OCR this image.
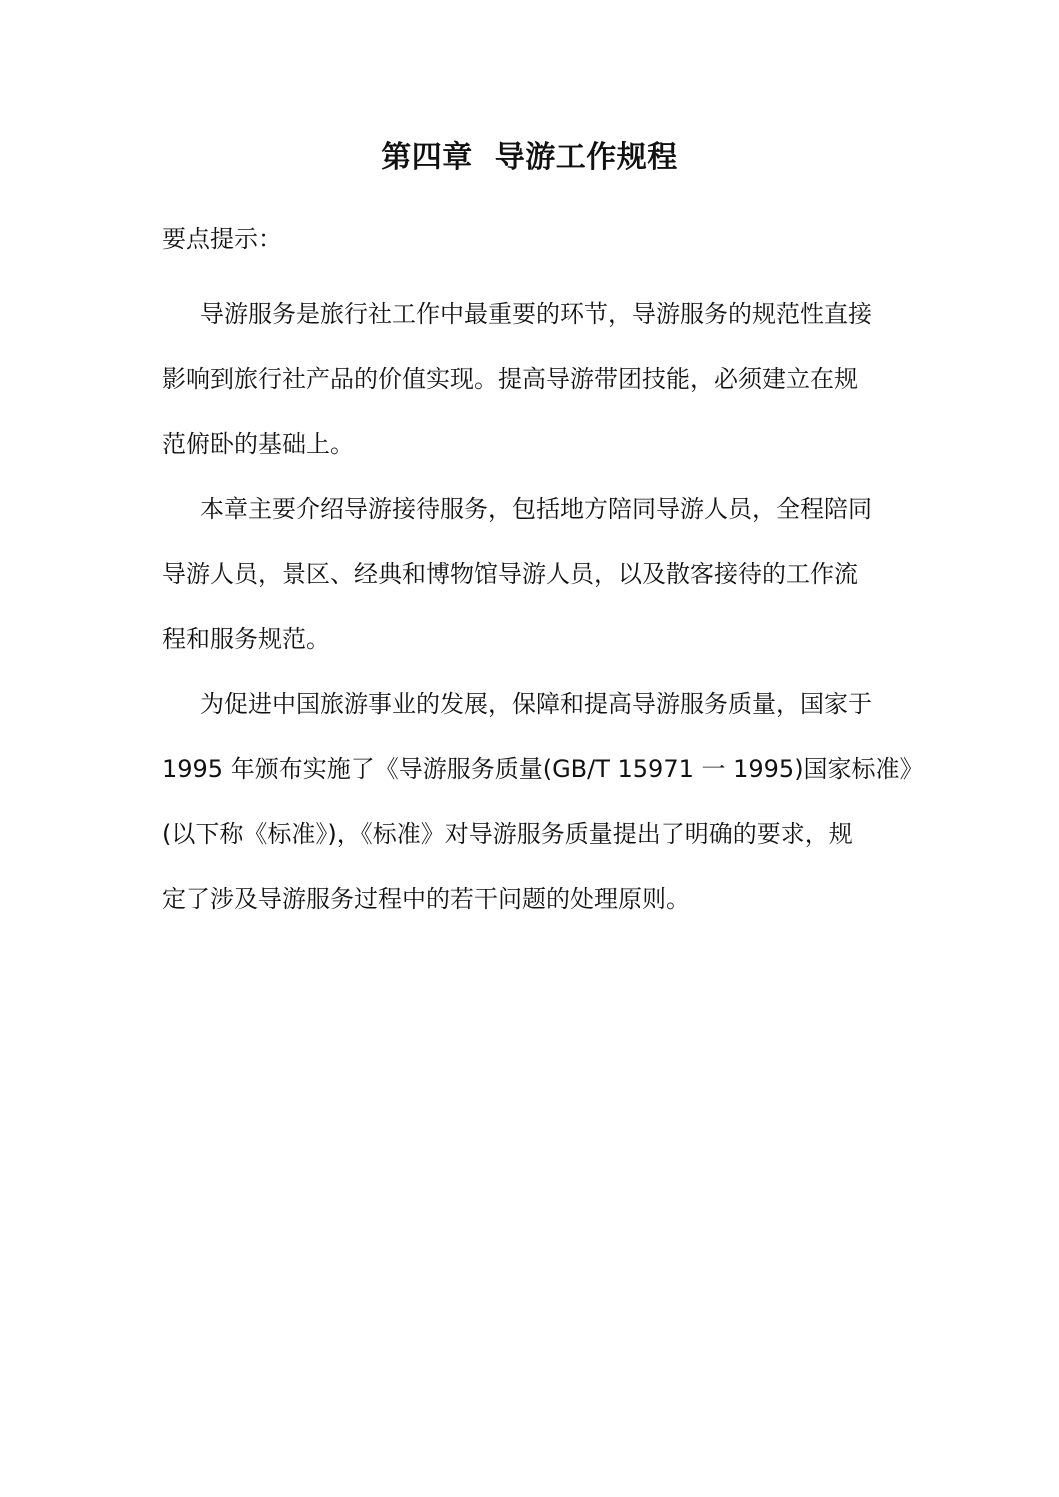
第四章 导游工作规程
要点提示：
导游服务是旅行社工作中最重要的环节，导游服务的规范性直接
影响到旅行社产品的价值实现。提高导游带团技能，必须建立在规
范俯卧的基础上。
本章主要介绍导游接待服务，包括地方陪同导游人员，全程陪同
导游人员，景区、经典和博物馆导游人员，以及散客接待的工作流
程和服务规范。
为促进中国旅游事业的发展，保障和提高导游服务质量，国家于
1995 年颁布实施了《导游服务质量(GB/T 15971 一 1995)国家标准》
(以下称《标准》)，《标准》对导游服务质量提出了明确的要求，规
定了涉及导游服务过程中的若干问题的处理原则。
